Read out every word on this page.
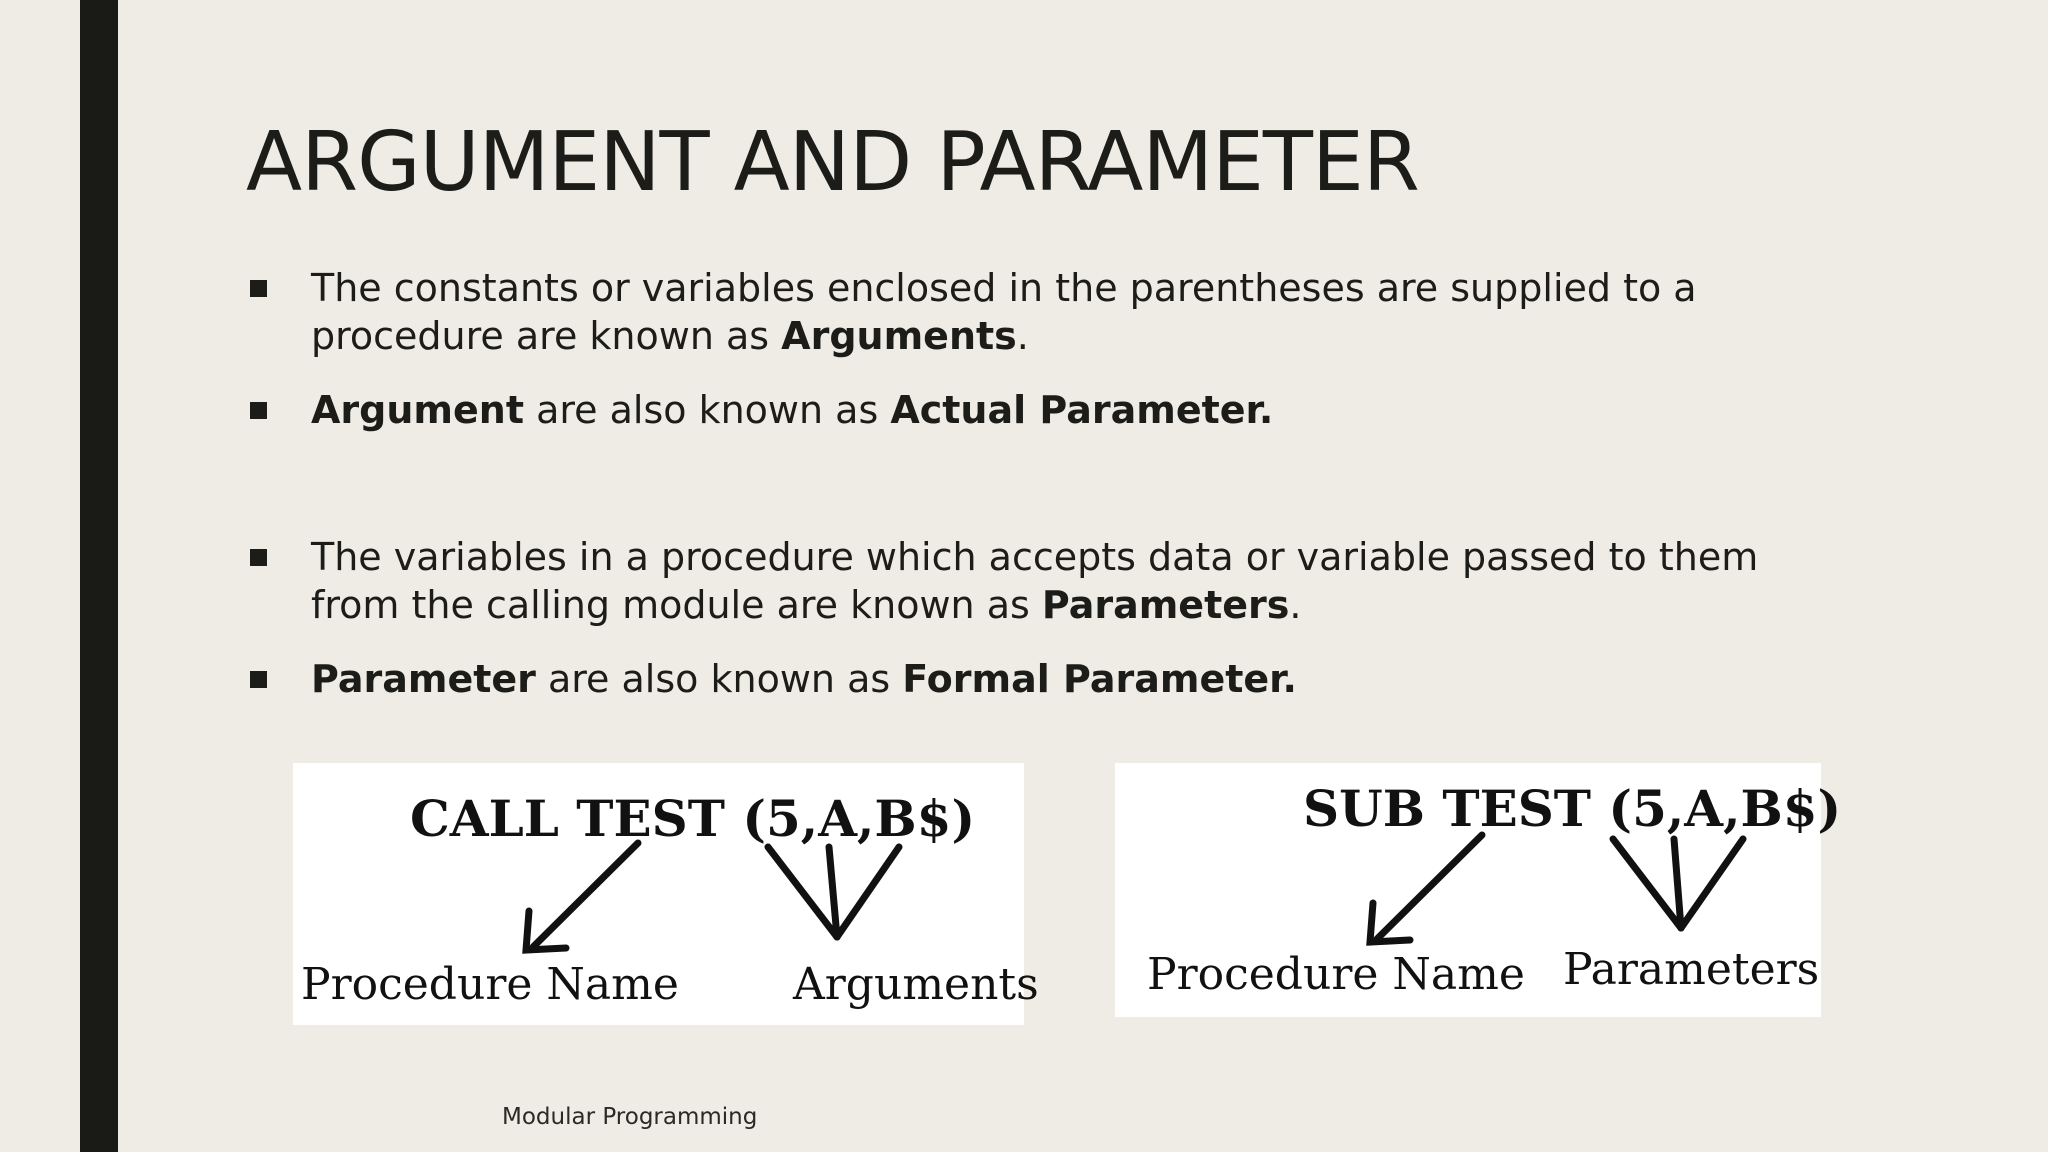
ARGUMENT AND PARAMETER
The constants or variables enclosed in the parentheses are supplied to a procedure are known as Arguments.
Argument are also known as Actual Parameter.
The variables in a procedure which accepts data or variable passed to them from the calling module are known as Parameters.
Parameter are also known as Formal Parameter.
CALL TEST (5,A,B$)
Procedure Name	Arguments
SUB TEST (5,A,B$)
Procedure Name Parameters
Modular Programming
